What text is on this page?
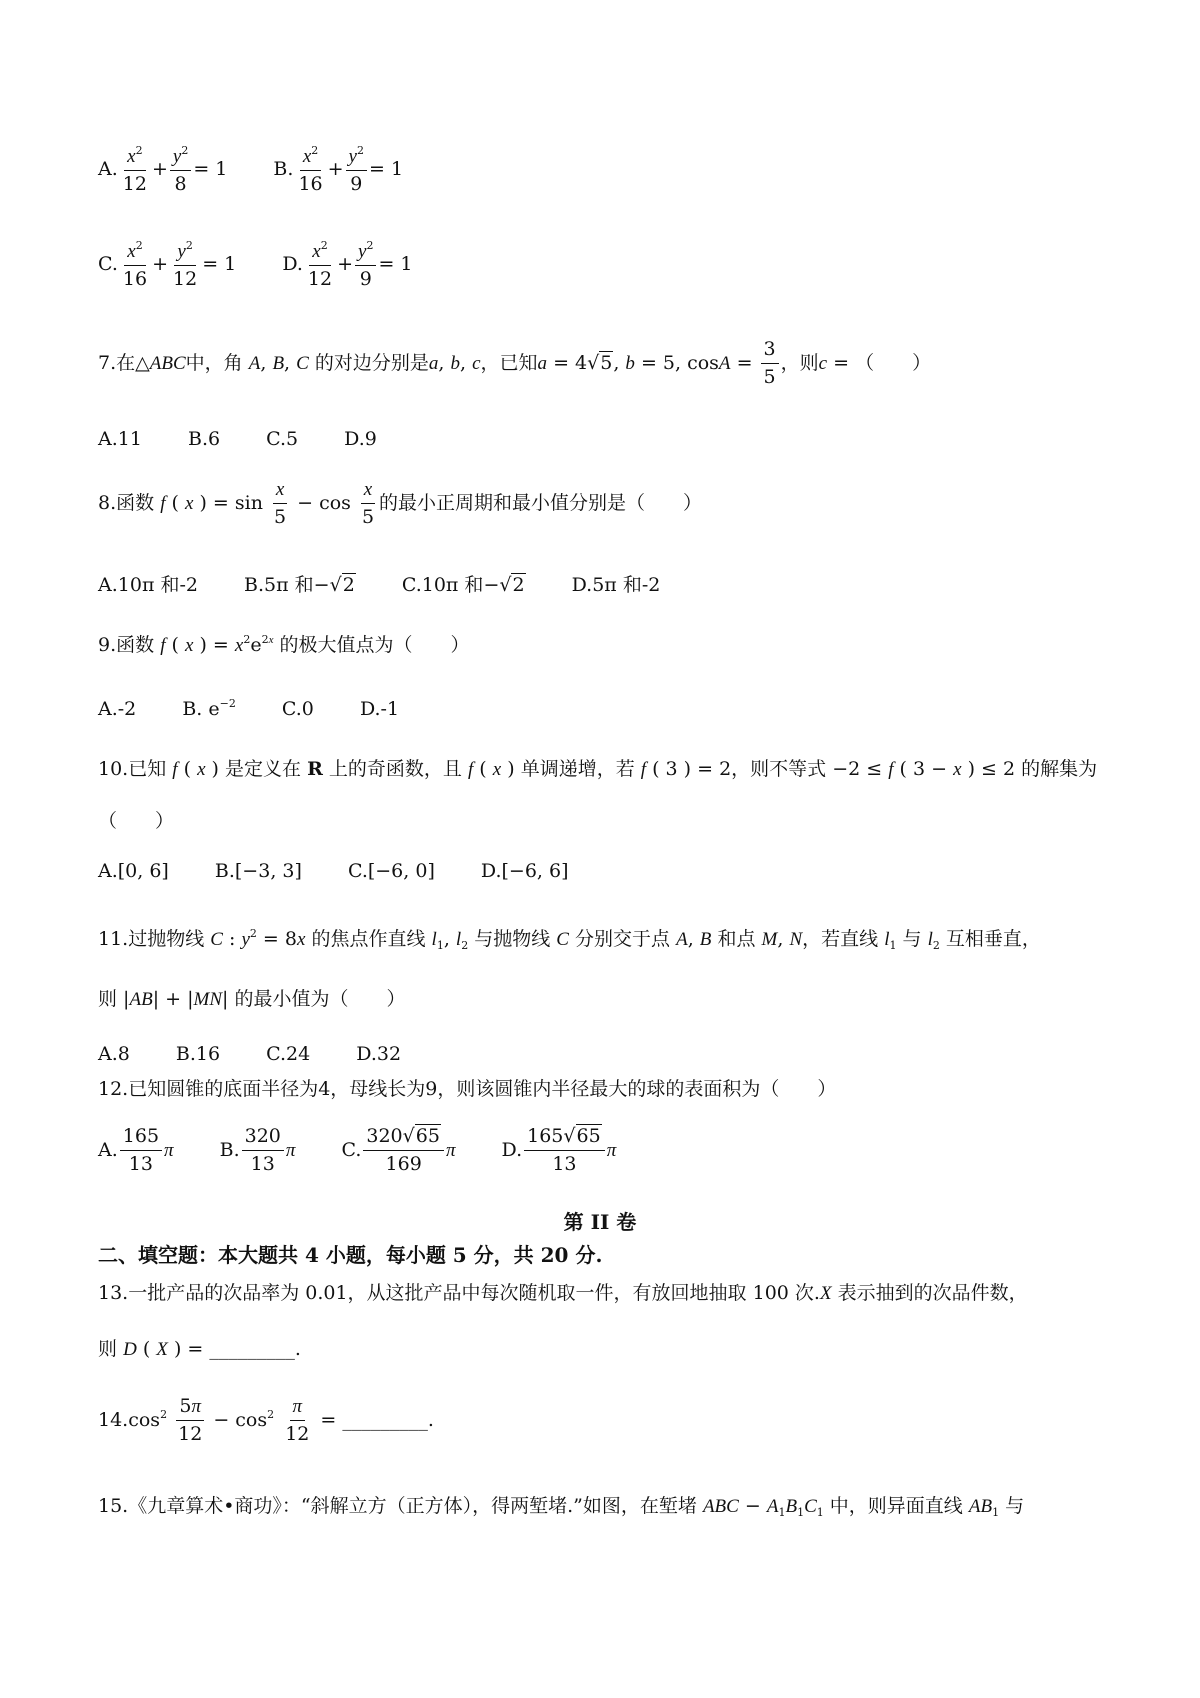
A. $\frac{x^2}{12} + \frac{y^2}{8} = 1$ B. $\frac{x^2}{16} + \frac{y^2}{9} = 1$
C. $\frac{x^2}{16} + \frac{y^2}{12} = 1$ D. $\frac{x^2}{12} + \frac{y^2}{9} = 1$
7.在△ABC中，角 A, B, C 的对边分别是a, b, c，已知a = 4√5, b = 5, $\cos A = \frac{3}{5}$ ，则c = （　　）
A.11 B.6 C.5 D.9
8.函数 f ( x ) = $\sin \frac{x}{5} - \cos \frac{x}{5}$ 的最小正周期和最小值分别是（　　）
A.10π 和-2 B.5π 和−√2 C.10π 和−√2 D.5π 和-2
9.函数 f ( x ) = $x^2e^{2x}$ 的极大值点为（　　）
A.-2 B. $e^{-2}$ C.0 D.-1
10.已知 f ( x ) 是定义在 R 上的奇函数，且 f ( x ) 单调递增，若 f ( 3 ) = 2，则不等式 −2 ≤ f ( 3 − x ) ≤ 2 的解集为
（　　）
A.[0, 6] B.[−3, 3] C.[−6, 0] D.[−6, 6]
11.过抛物线 C : $y^2 = 8x$ 的焦点作直线 $l_1$, $l_2$ 与抛物线 C 分别交于点 A, B 和点 M, N，若直线 $l_1$ 与 $l_2$ 互相垂直，
则 |AB| + |MN| 的最小值为（　　）
A.8 B.16 C.24 D.32
12.已知圆锥的底面半径为4，母线长为9，则该圆锥内半径最大的球的表面积为（　　）
A. $\frac{165}{13}$ π B. $\frac{320}{13}$ π C. $\frac{320√65}{169}$ π D. $\frac{165√65}{13}$ π
第 II 卷
二、填空题：本大题共 4 小题，每小题 5 分，共 20 分.
13.一批产品的次品率为 0.01，从这批产品中每次随机取一件，有放回地抽取 100 次.X 表示抽到的次品件数，
则 D ( X ) = _________.
$14.\cos^2 \frac{5\pi}{12} - \cos^2 \frac{\pi}{12}$ = _________.
15.《九章算术•商功》：“斜解立方（正方体），得两堑堵.”如图，在堑堵 ABC − $A_1B_1C_1$ 中，则异面直线 $AB_1$ 与
